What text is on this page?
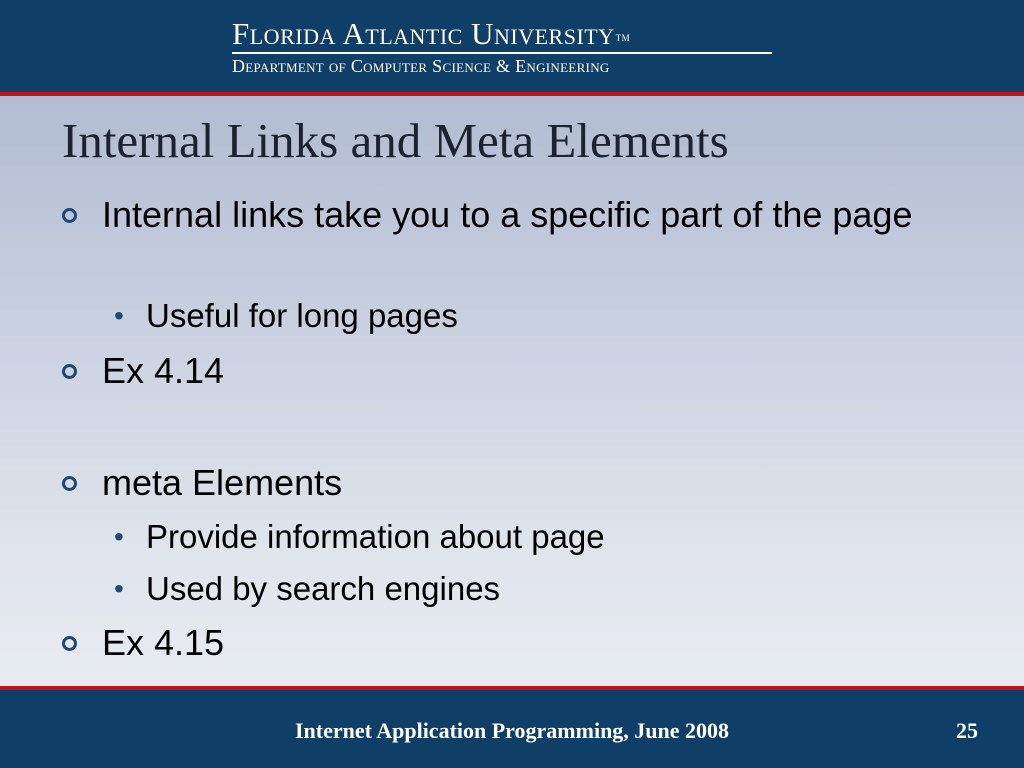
Florida Atlantic UniversityTM
Department of Computer Science & Engineering
Internal Links and Meta Elements
Internal links take you to a specific part of the page
• Useful for long pages
Ex 4.14
meta Elements
• Provide information about page
• Used by search engines
Ex 4.15
Internet Application Programming, June 2008	25
